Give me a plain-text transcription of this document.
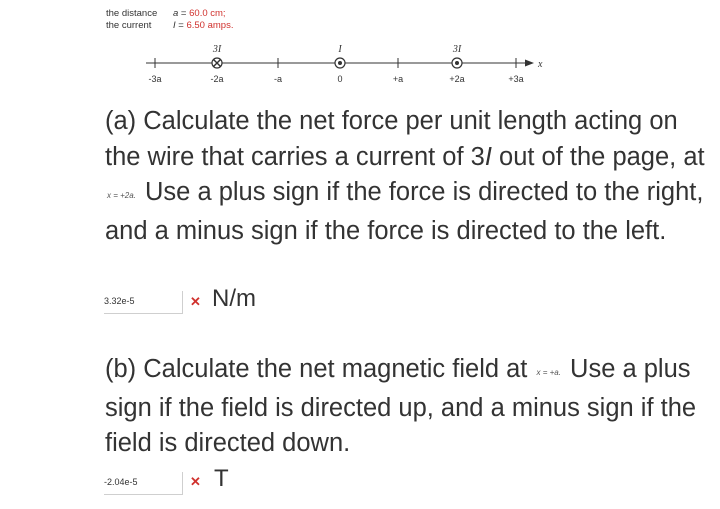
the distance a = 60.0 cm;
the current I = 6.50 amps.
x
-3a	-2a	-a	0	+a	+2a	+3a
3I	I	3I
(a) Calculate the net force per unit length acting on the wire that carries a current of 3I out of the page, at x = +2a. Use a plus sign if the force is directed to the right, and a minus sign if the force is directed to the left.
3.32e-5
✕ N/m
(b) Calculate the net magnetic field at x = +a. Use a plus sign if the field is directed up, and a minus sign if the field is directed down.
-2.04e-5
✕ T
